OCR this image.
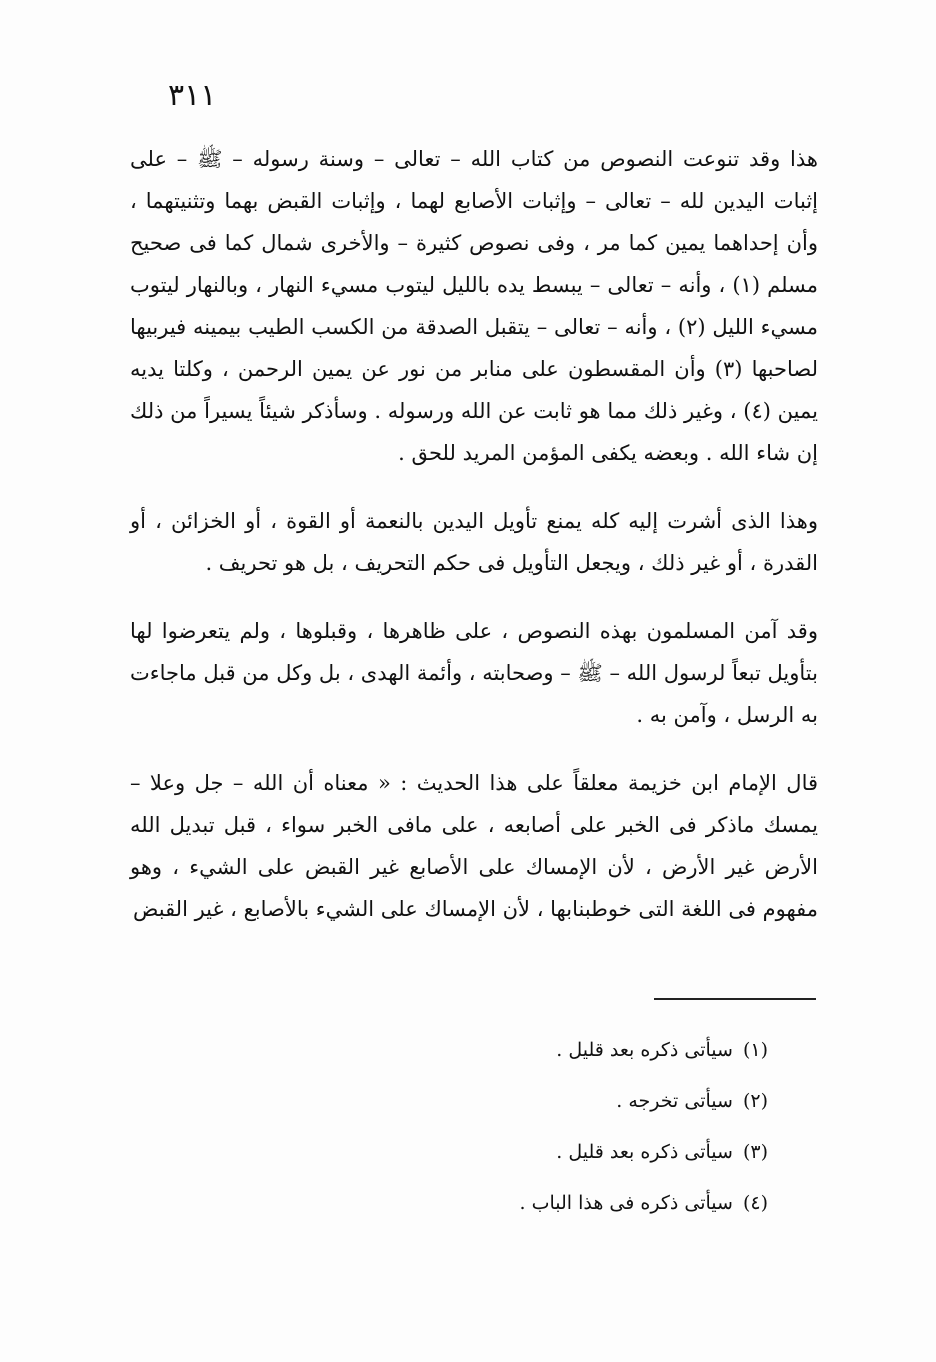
٣١١

هذا وقد تنوعت النصوص من كتاب الله – تعالى – وسنة رسوله – ﷺ – على إثبات اليدين لله – تعالى – وإثبات الأصابع لهما ، وإثبات القبض بهما وتثنيتهما ، وأن إحداهما يمين كما مر ، وفى نصوص كثيرة – والأخرى شمال كما فى صحيح مسلم (١) ، وأنه – تعالى – يبسط يده بالليل ليتوب مسيء النهار ، وبالنهار ليتوب مسيء الليل (٢) ، وأنه – تعالى – يتقبل الصدقة من الكسب الطيب بيمينه فيربيها لصاحبها (٣) وأن المقسطون على منابر من نور عن يمين الرحمن ، وكلتا يديه يمين (٤) ، وغير ذلك مما هو ثابت عن الله ورسوله . وسأذكر شيئاً يسيراً من ذلك إن شاء الله . وبعضه يكفى المؤمن المريد للحق .

وهذا الذى أشرت إليه كله يمنع تأويل اليدين بالنعمة أو القوة ، أو الخزائن ، أو القدرة ، أو غير ذلك ، ويجعل التأويل فى حكم التحريف ، بل هو تحريف .

وقد آمن المسلمون بهذه النصوص ، على ظاهرها ، وقبلوها ، ولم يتعرضوا لها بتأويل تبعاً لرسول الله – ﷺ – وصحابته ، وأئمة الهدى ، بل وكل من قبل ماجاءت به الرسل ، وآمن به .

قال الإمام ابن خزيمة معلقاً على هذا الحديث : « معناه أن الله – جل وعلا – يمسك ماذكر فى الخبر على أصابعه ، على مافى الخبر سواء ، قبل تبديل الله الأرض غير الأرض ، لأن الإمساك على الأصابع غير القبض على الشيء ، وهو مفهوم فى اللغة التى خوطبنابها ، لأن الإمساك على الشيء بالأصابع ، غير القبض

(١)سيأتى ذكره بعد قليل .
(٢)سيأتى تخرجه .
(٣)سيأتى ذكره بعد قليل .
(٤)سيأتى ذكره فى هذا الباب .
